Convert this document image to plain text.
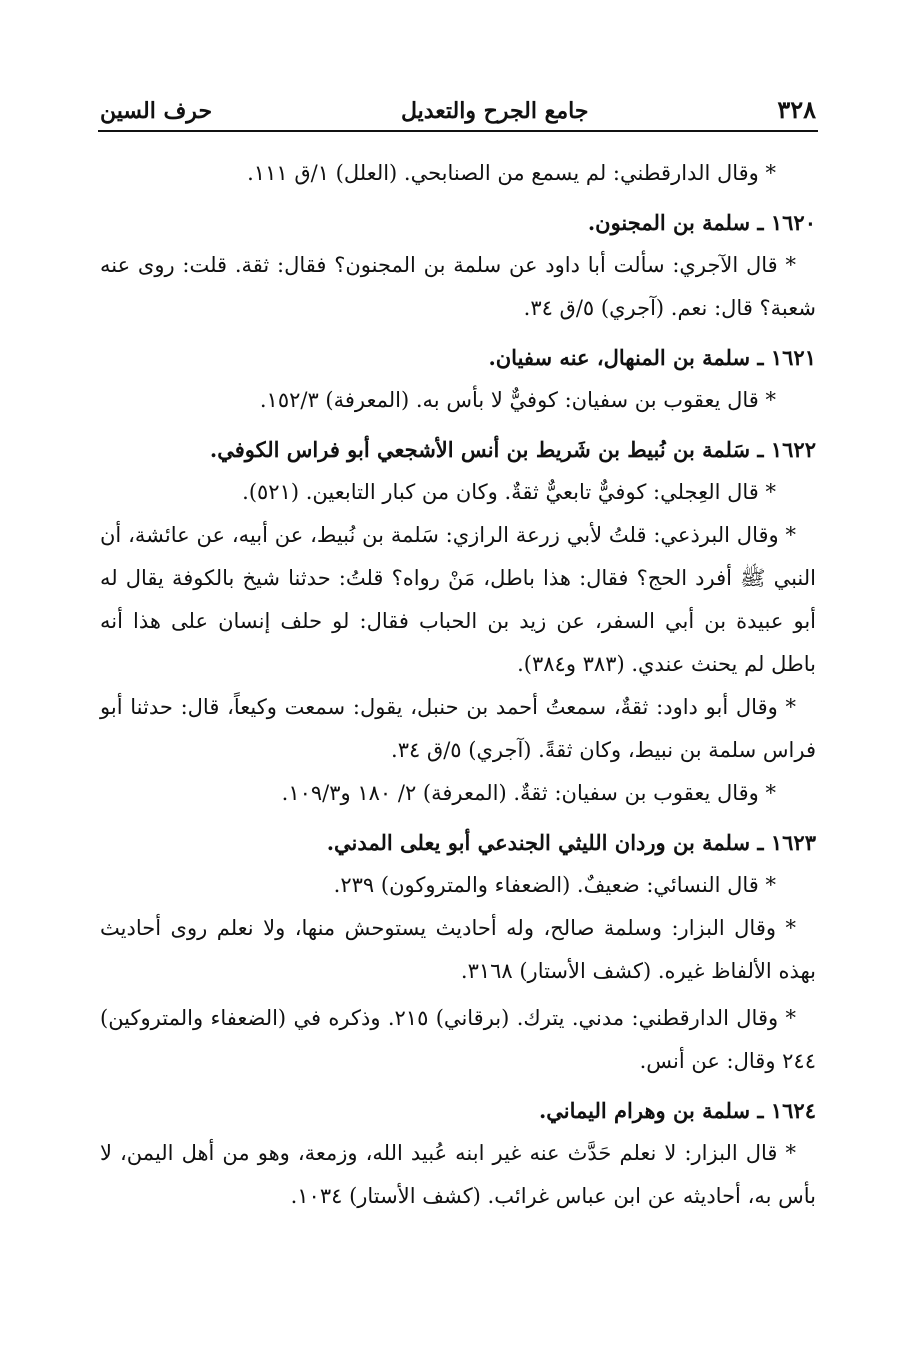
٣٢٨
جامع الجرح والتعديل
حرف السين

* وقال الدارقطني: لم يسمع من الصنابحي. (العلل) ١/ق ١١١.

١٦٢٠ ـ سلمة بن المجنون.

* قال الآجري: سألت أبا داود عن سلمة بن المجنون؟ فقال: ثقة. قلت: روى عنه شعبة؟ قال: نعم. (آجري) ٥/ق ٣٤.

١٦٢١ ـ سلمة بن المنهال، عنه سفيان.

* قال يعقوب بن سفيان: كوفيٌّ لا بأس به. (المعرفة) ١٥٢/٣.

١٦٢٢ ـ سَلمة بن نُبيط بن شَريط بن أنس الأشجعي أبو فراس الكوفي.

* قال العِجلي: كوفيٌّ تابعيٌّ ثقةٌ. وكان من كبار التابعين. (٥٢١).

* وقال البرذعي: قلتُ لأبي زرعة الرازي: سَلمة بن نُبيط، عن أبيه، عن عائشة، أن النبي ﷺ أفرد الحج؟ فقال: هذا باطل، مَنْ رواه؟ قلتُ: حدثنا شيخ بالكوفة يقال له أبو عبيدة بن أبي السفر، عن زيد بن الحباب فقال: لو حلف إنسان على هذا أنه باطل لم يحنث عندي. (٣٨٣ و٣٨٤).

* وقال أبو داود: ثقةٌ، سمعتُ أحمد بن حنبل، يقول: سمعت وكيعاً، قال: حدثنا أبو فراس سلمة بن نبيط، وكان ثقةً. (آجري) ٥/ق ٣٤.

* وقال يعقوب بن سفيان: ثقةٌ. (المعرفة) ٢/ ١٨٠ و١٠٩/٣.

١٦٢٣ ـ سلمة بن وردان الليثي الجندعي أبو يعلى المدني.

* قال النسائي: ضعيفٌ. (الضعفاء والمتروكون) ٢٣٩.

* وقال البزار: وسلمة صالح، وله أحاديث يستوحش منها، ولا نعلم روى أحاديث بهذه الألفاظ غيره. (كشف الأستار) ٣١٦٨.

* وقال الدارقطني: مدني. يترك. (برقاني) ٢١٥. وذكره في (الضعفاء والمتروكين) ٢٤٤ وقال: عن أنس.

١٦٢٤ ـ سلمة بن وهرام اليماني.

* قال البزار: لا نعلم حَدَّث عنه غير ابنه عُبيد الله، وزمعة، وهو من أهل اليمن، لا بأس به، أحاديثه عن ابن عباس غرائب. (كشف الأستار) ١٠٣٤.
